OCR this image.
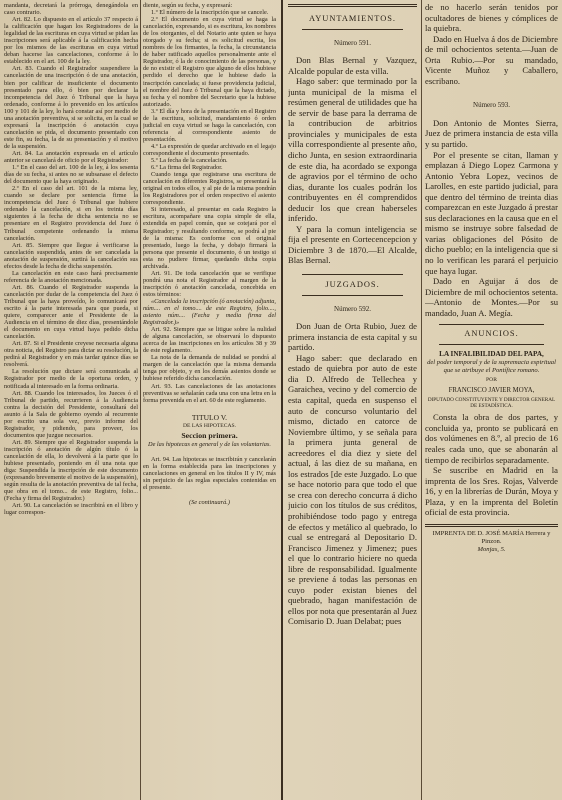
mandanta, decretará la prórroga, denegándola en caso contrario.

Art. 82. Lo dispuesto en el artículo 37 respecto á la calificación que hagan los Registradores de la legalidad de las escrituras en cuya virtud se pidan las inscripciones será aplicable á la calificación hecha por los mismos de las escrituras en cuya virtud deban hacerse las cancelaciones, conforme á lo establecido en el art. 100 de la ley.

Art. 83. Cuando el Registrador suspendiere la cancelación de una inscripción ó de una anotación, bien por calificar de insuficiente el documento presentado para ello, ó bien por declarar la incompetencia del Juez ó Tribunal que la haya ordenado, conforme á lo prevenido en los artículos 100 y 101 de la ley, lo hará constar así por medio de una anotación preventiva, si se solicita, en la cual se expresará la inscripción ó anotación cuya cancelación se pida, el documento presentado con este fin, su fecha, la de su presentación y el motivo de la suspensión.

Art. 84. La anotación expresada en el artículo anterior se cancelará de oficio por el Registrador:

1.º En el caso del art. 100 de la ley, á los sesenta días de su fecha, si antes no se subsanase el defecto del documento que la haya originado.

2.º En el caso del art. 101 de la misma ley, cuando se declare por sentencia firme la incompetencia del Juez ó Tribunal que hubiere ordenado la cancelación, si en los treinta días siguientes á la fecha de dicha sentencia no se presentare en el Registro providencia del Juez ó Tribunal competente ordenando la misma cancelación.

Art. 85. Siempre que llegue á verificarse la cancelación suspendida, antes de ser cancelada la anotación de suspensión, surtirá la cancelación sus efectos desde la fecha de dicha suspensión.

La cancelación en este caso hará precisamente referencia de la anotación mencionada.

Art. 86. Cuando el Registrador suspenda la cancelación por dudar de la competencia del Juez ó Tribunal que la haya proveído, lo comunicará por escrito á la parte interesada para que pueda, si quiere, comparecer ante el Presidente de la Audiencia en el término de diez días, presentándole el documento en cuya virtud haya pedido dicha cancelación.

Art. 87. Si el Presidente creyese necesaria alguna otra noticia, del Registro para dictar su resolución, la pedirá al Registrador y en más tardar quince días se resolverá.

La resolución que dictare será comunicada al Registrador por medio de la oportuna orden, y notificada al interesado en la forma ordinaria.

Art. 88. Cuando los interesados, los Jueces ó el Tribunal de partido, recurrieren á la Audiencia contra la decisión del Presidente, consultará del asunto á la Sala de gobierno oyendo al recurrente por escrito una sola vez, previo informe del Registrador, y pidiendo, para proveer, los documentos que juzgue necesarios.

Art. 89. Siempre que el Registrador suspenda la inscripción ó anotación de algún título ó la cancelación de ella, lo devolverá á la parte que lo hubiese presentado, poniendo en él una nota que diga: Suspendida la inscripción de este documento (expresando brevemente el motivo de la suspensión), según resulta de la anotación preventiva de tal fecha, que obra en el tomo... de este Registro, folio... (Fecha y firma del Registrador.)

Art. 90. La cancelación se inscribirá en el libro y lugar correspon-

diente, según su fecha, y expresará:

1.º El número de la inscripción que se cancele.

2.º El documento en cuya virtud se haga la cancelación, expresando, si es escritura, los nombres de los otorgantes, el del Notario ante quien se haya otorgado y su fecha; si es solicitud escrita, los nombres de los firmantes, la fecha, la circunstancia de haber ratificado aquellos personalmente ante el Registrador, ó la de conocimiento de las personas, y de no existir el Registro que alguno de ellos hubiese perdido el derecho que le hubiese dado la inscripción cancelada; si fuese providencia judicial, el nombre del Juez ó Tribunal que la haya dictado, su fecha y el nombre del Secretario que la hubiese autorizado.

3.º El día y hora de la presentación en el Registro de la escritura, solicitud, mandamiento ó orden judicial en cuya virtud se haga la cancelación, con referencia al correspondiente asiento de presentación.

4.º La expresión de quedar archivado en el legajo correspondiente el documento presentado.

5.º La fecha de la cancelación.

6.º La firma del Registrador.

Cuando tenga que registrarse una escritura de cancelación en diferentes Registros, se presentará la original en todos ellos, y al pie de la misma pondrán los Registradores por el orden respectivo el asiento correspondiente.

Si interesado, al presentar en cada Registro la escritura, acompañare una copia simple de ella, extendida en papel común, que se cotejará por el Registrador; y resultando conforme, se podrá al pie de la misma: Es conforme con el original presentado, luego la fecha, y dobajo firmará la persona que presente el documento, ó un testigo si esta no pudiere firmar, quedando dicha copia archivada.

Art. 91. De toda cancelación que se verifique pondrá una nota el Registrador al margen de la inscripción ó anotación cancelada, concebida en estos términos:

«Cancelada la inscripción (ó anotación) adjunta, núm.... en el tomo.... de este Registro, folio...., asiento núm.... (Fecha y media firma del Registrador.)»

Art. 92. Siempre que se litigue sobre la nulidad de alguna cancelación, se observará lo dispuesto acerca de las inscripciones en los artículos 38 y 39 de este reglamento.

La nota de la demanda de nulidad se pondrá al margen de la cancelación que la misma demanda tenga por objeto, y en los demás asientos donde se hubiese referido dicha cancelación.

Art. 93. Las cancelaciones de las anotaciones preventivas se señalarán cada una con una letra en la forma prevenida en el art. 60 de este reglamento.

TITULO V.
DE LAS HIPOTECAS.
Seccion primera.
De las hipotecas en general y de las voluntarias.

Art. 94. Las hipotecas se inscribirán y cancelarán en la forma establecida para las inscripciones y cancelaciones en general en los títulos II y IV, más sin perjuicio de las reglas especiales contenidas en el presente.

(Se continuará.)
AYUNTAMIENTOS.
Número 591.

Don Blas Bernal y Vazquez, Alcalde popular de esta villa.

Hago saber: que terminado por la junta municipal de la misma el resúmen general de utilidades que ha de servir de base para la derrama de la contribucion de arbitrios provinciales y municipales de esta villa correspondiente al presente año, dicho Junta, en sesion extraordinaria de este dia, ha acordado se exponga de agravios por el término de ocho dias, durante los cuales podrán los contribuyentes en él comprendidos deducir los que crean haberseles inferido.

Y para la comun inteligencia se fija el presente en Cortecencepcion y Diciembre 3 de 1870.—El Alcalde, Blas Bernal.

JUZGADOS.
Número 592.

Don Juan de Orta Rubio, Juez de primera instancia de esta capital y su partido.

Hago saber: que declarado en estado de quiebra por auto de este dia D. Alfredo de Tellechea y Garaichea, vecino y del comercio de esta capital, queda en suspenso el auto de concurso voluntario del mismo, dictado en catorce de Noviembre último, y se señala para la primera junta general de acreedores el dia diez y siete del actual, á las diez de su mañana, en los estrados [de este Juzgado. Lo que se hace notorio para que todo el que se crea con derecho concurra á dicho juicio con los títulos de sus créditos, prohibiéndose todo pago y entrega de efectos y metálico al quebrado, lo cual se entregará al Depositario D. Francisco Jimenez y Jimenez; pues el que lo contrario hiciere no queda libre de responsabilidad. Igualmente se previene á todas las personas en cuyo poder existan bienes del quebrado, hagan manifestación de ellos por nota que presentarán al Juez Comisario D. Juan Delabat; pues

de no hacerlo serán tenidos por ocultadores de bienes y cómplices de la quiebra.

Dado en Huelva á dos de Diciembre de mil ochocientos setenta.—Juan de Orta Rubio.—Por su mandado, Vicente Muñoz y Caballero, escribano.

Número 593.

Don Antonio de Montes Sierra, Juez de primera instancia de esta villa y su partido.

Por el presente se citan, llaman y emplazan á Diego Lopez Carmona y Antonio Yebra Lopez, vecinos de Larolles, en este partido judicial, para que dentro del término de treinta dias comparezcan en este Juzgado á prestar sus declaraciones en la causa que en el mismo se instruye sobre falsedad de varias obligaciones del Pósito de dicho pueblo; en la inteligencia que si no lo verifican les parará el perjuicio que haya lugar.

Dado en Aguijar á dos de Diciembre de mil ochocientos setenta.—Antonio de Montes.—Por su mandado, Juan A. Megía.

ANUNCIOS.
LA INFALIBILIDAD DEL PAPA,
del poder temporal y de la supremacia espiritual que se atribuye el Pontífice romano.
POR
FRANCISCO JAVIER MOYA,
DIPUTADO CONSTITUYENTE Y DIRECTOR GENERAL DE ESTADÍSTICA.

Consta la obra de dos partes, y concluida ya, pronto se publicará en dos volúmenes en 8.º, al precio de 16 reales cada uno, que se abonarán al tiempo de recibirlos separadamente.

Se suscribe en Madrid en la imprenta de los Sres. Rojas, Valverde 16, y en la librerías de Durán, Moya y Plaza, y en la imprenta del Boletín oficial de esta provincia.

IMPRENTA DE D. JOSÉ MARÍA Herrera y Pinzon.
Monjas, 5.
